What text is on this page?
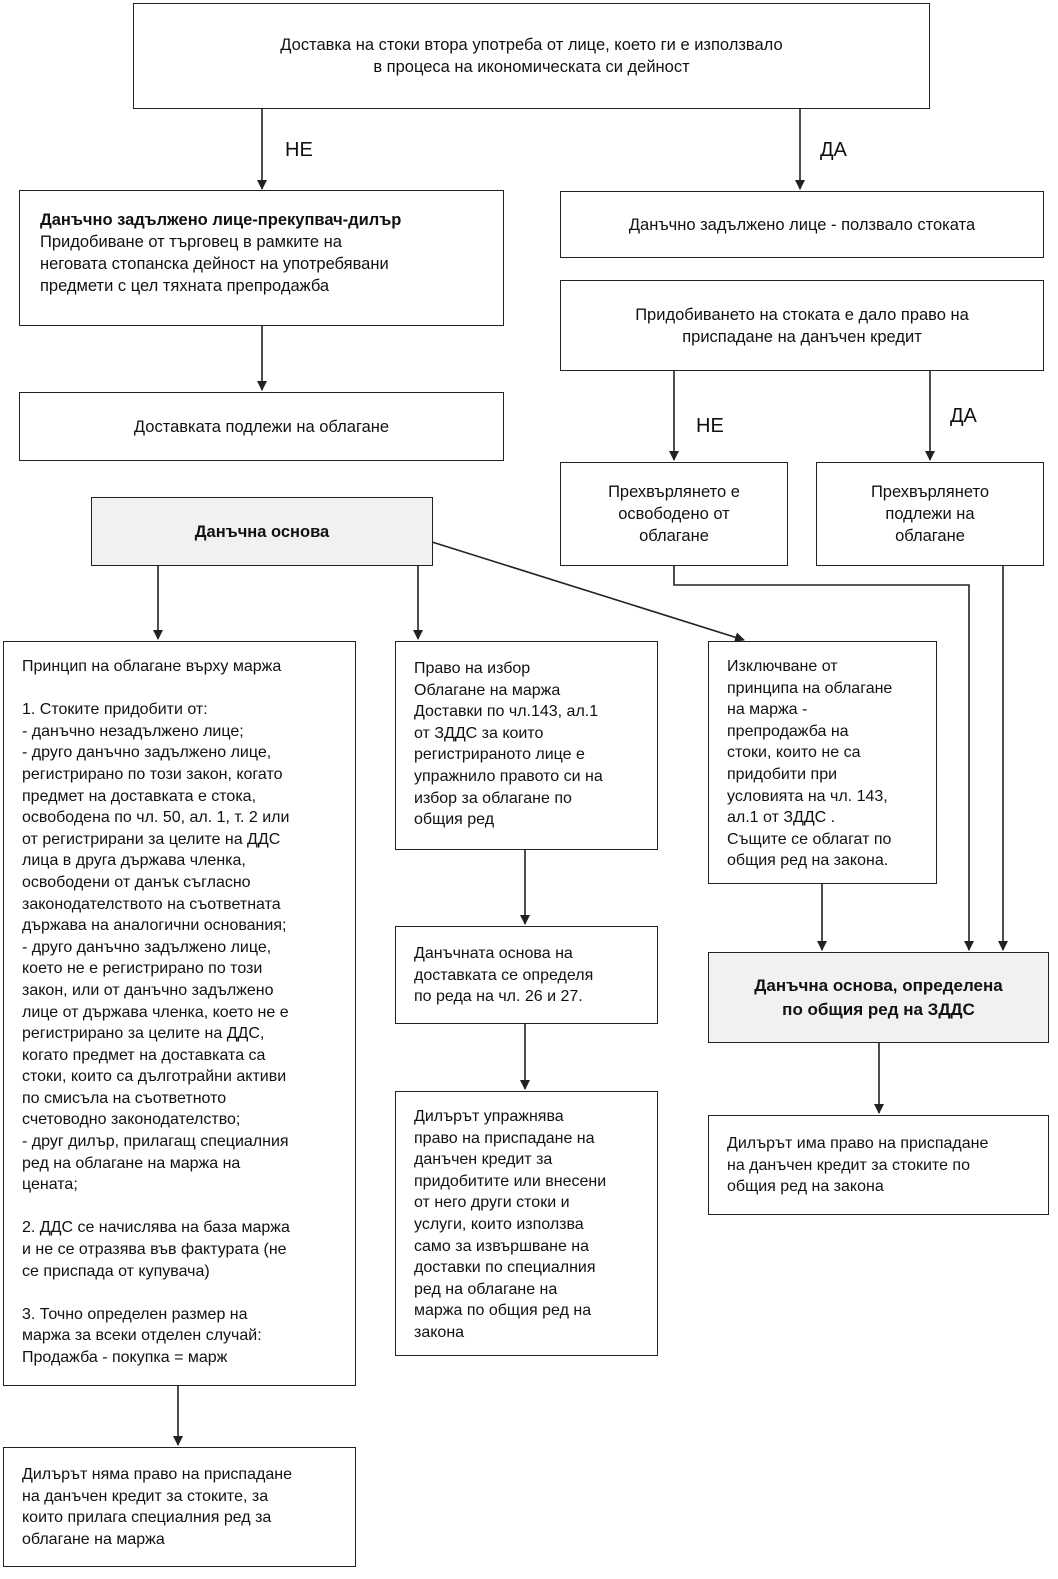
Доставка на стоки втора употреба от лице, което ги е използвало
в процеса на икономическата си дейност
НЕ	ДА
Данъчно задължено лице-прекупвач-дилър
Придобиване от търговец в рамките на
неговата стопанска дейност на употребявани
предмети с цел тяхната препродажба
Доставката подлежи на облагане
Данъчно задължено лице - ползвало стоката
Придобиването на стоката е дало право на
приспадане на данъчен кредит
НЕ	ДА
Прехвърлянето е
освободено от
облагане
Прехвърлянето
подлежи на
облагане
Данъчна основа
Принцип на облагане върху маржа

1. Стоките придобити от:
- данъчно незадължено лице;
- друго данъчно задължено лице,
регистрирано по този закон, когато
предмет на доставката е стока,
освободена по чл. 50, ал. 1, т. 2 или
от регистрирани за целите на ДДС
лица в друга държава членка,
освободени от данък съгласно
законодателството на съответната
държава на аналогични основания;
- друго данъчно задължено лице,
което не е регистрирано по този
закон, или от данъчно задължено
лице от държава членка, което не е
регистрирано за целите на ДДС,
когато предмет на доставката са
стоки, които са дълготрайни активи
по смисъла на съответното
счетоводно законодателство;
- друг дилър, прилагащ специалния
ред на облагане на маржа на
цената;

2. ДДС се начислява на база маржа
и не се отразява във фактурата (не
се приспада от купувача)

3. Точно определен размер на
маржа за всеки отделен случай:
Продажба - покупка = марж
Дилърът няма право на приспадане
на данъчен кредит за стоките, за
които прилага специалния ред за
облагане на маржа
Право на избор
Облагане на маржа
Доставки по чл.143, ал.1
от ЗДДС за които
регистрираното лице е
упражнило правото си на
избор за облагане по
общия ред
Данъчната основа на
доставката се определя
по реда на чл. 26 и 27.
Дилърът упражнява
право на приспадане на
данъчен кредит за
придобитите или внесени
от него други стоки и
услуги, които използва
само за извършване на
доставки по специалния
ред на облагане на
маржа по общия ред на
закона
Изключване от
принципа на облагане
на маржа -
препродажба на
стоки, които не са
придобити при
условията на чл. 143,
ал.1 от ЗДДС .
Същите се облагат по
общия ред на закона.
Данъчна основа, определена
по общия ред на ЗДДС
Дилърът има право на приспадане
на данъчен кредит за стоките по
общия ред на закона
